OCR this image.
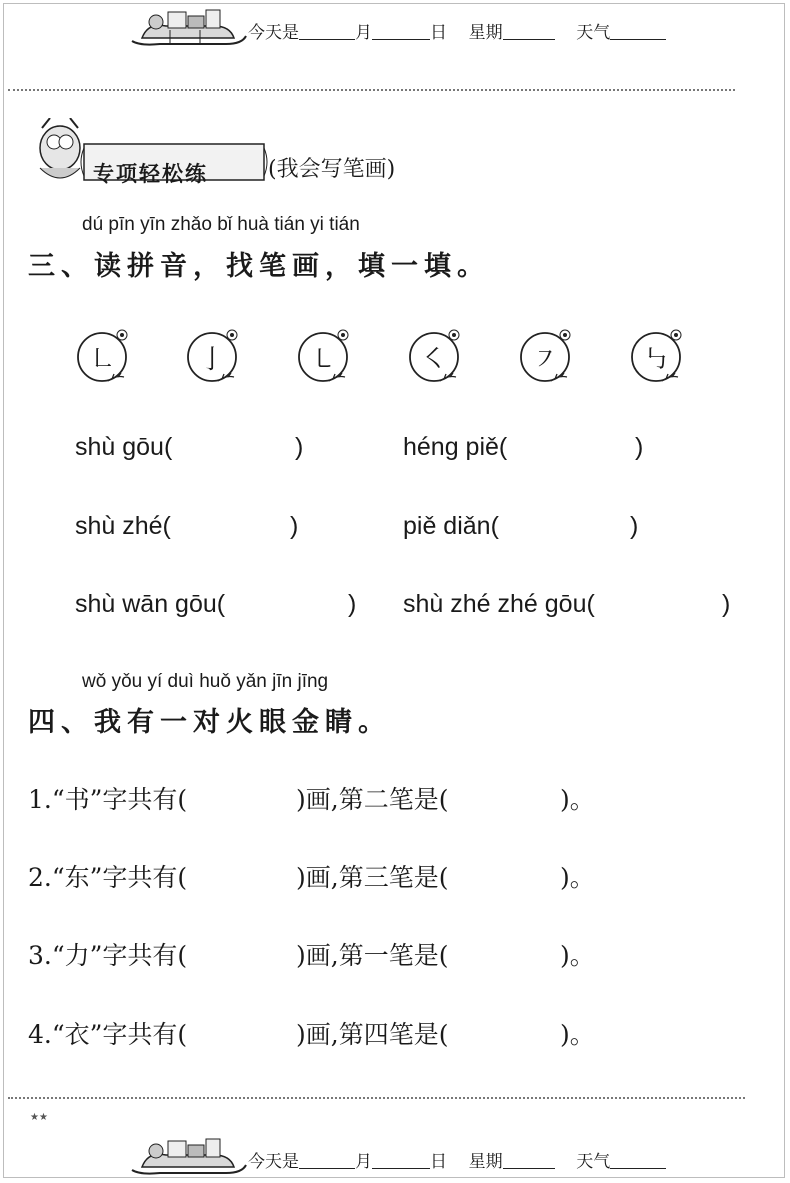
今天是	月	日 星期	天气
专项轻松练	(我会写笔画)
dú pīn yīn zhǎo bǐ huà tián yi tián
三、读拼音，找笔画，填一填。
㇗	亅	㇄	㇛	㇇	㇉
shù gōu(	)	héng piě(	)
shù zhé(	)	piě diǎn(	)
shù wān gōu(	) shù zhé zhé gōu(	)
wǒ yǒu yí duì huǒ yǎn jīn jīng
四、我有一对火眼金睛。
1.“书”字共有(	)画,第二笔是(	)。
2.“东”字共有(	)画,第三笔是(	)。
3.“力”字共有(	)画,第一笔是(	)。
4.“衣”字共有(	)画,第四笔是(	)。
★★
今天是	月	日 星期	天气
